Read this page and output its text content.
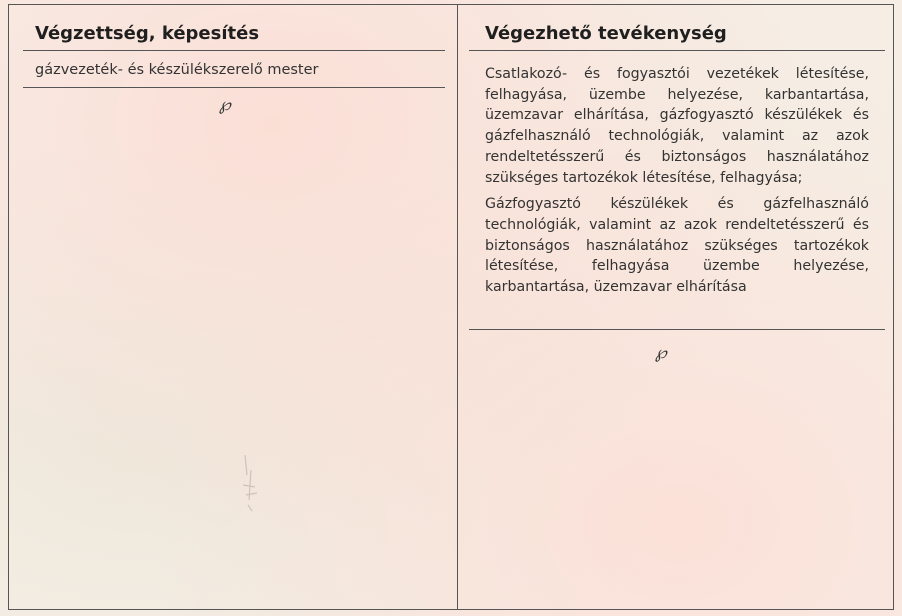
Végzettség, képesítés
gázvezeték- és készülékszerelő mester
℘
Végezhető tevékenység

Csatlakozó- és fogyasztói vezetékek létesítése, felhagyása, üzembe helyezése, karbantartása, üzemzavar elhárítása, gázfogyasztó készülékek és gázfelhasználó technológiák, valamint az azok rendeltetésszerű és biztonságos használatához szükséges tartozékok létesítése, felhagyása;

Gázfogyasztó készülékek és gázfelhasználó technológiák, valamint az azok rendeltetésszerű és biztonságos használatához szükséges tartozékok létesítése, felhagyása üzembe helyezése, karbantartása, üzemzavar elhárítása

℘
